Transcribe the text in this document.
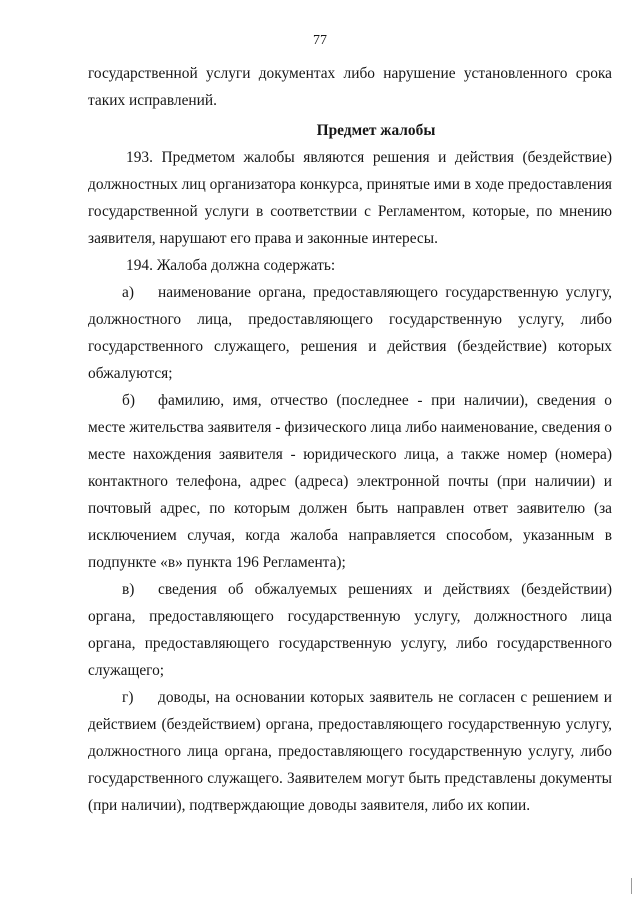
77

государственной услуги документах либо нарушение установленного срока таких исправлений.

Предмет жалобы

193. Предметом жалобы являются решения и действия (бездействие) должностных лиц организатора конкурса, принятые ими в ходе предоставления государственной услуги в соответствии с Регламентом, которые, по мнению заявителя, нарушают его права и законные интересы.

194. Жалоба должна содержать:

а) наименование органа, предоставляющего государственную услугу, должностного лица, предоставляющего государственную услугу, либо государственного служащего, решения и действия (бездействие) которых обжалуются;

б) фамилию, имя, отчество (последнее - при наличии), сведения о месте жительства заявителя - физического лица либо наименование, сведения о месте нахождения заявителя - юридического лица, а также номер (номера) контактного телефона, адрес (адреса) электронной почты (при наличии) и почтовый адрес, по которым должен быть направлен ответ заявителю (за исключением случая, когда жалоба направляется способом, указанным в подпункте «в» пункта 196 Регламента);

в) сведения об обжалуемых решениях и действиях (бездействии) органа, предоставляющего государственную услугу, должностного лица органа, предоставляющего государственную услугу, либо государственного служащего;

г) доводы, на основании которых заявитель не согласен с решением и действием (бездействием) органа, предоставляющего государственную услугу, должностного лица органа, предоставляющего государственную услугу, либо государственного служащего. Заявителем могут быть представлены документы (при наличии), подтверждающие доводы заявителя, либо их копии.
